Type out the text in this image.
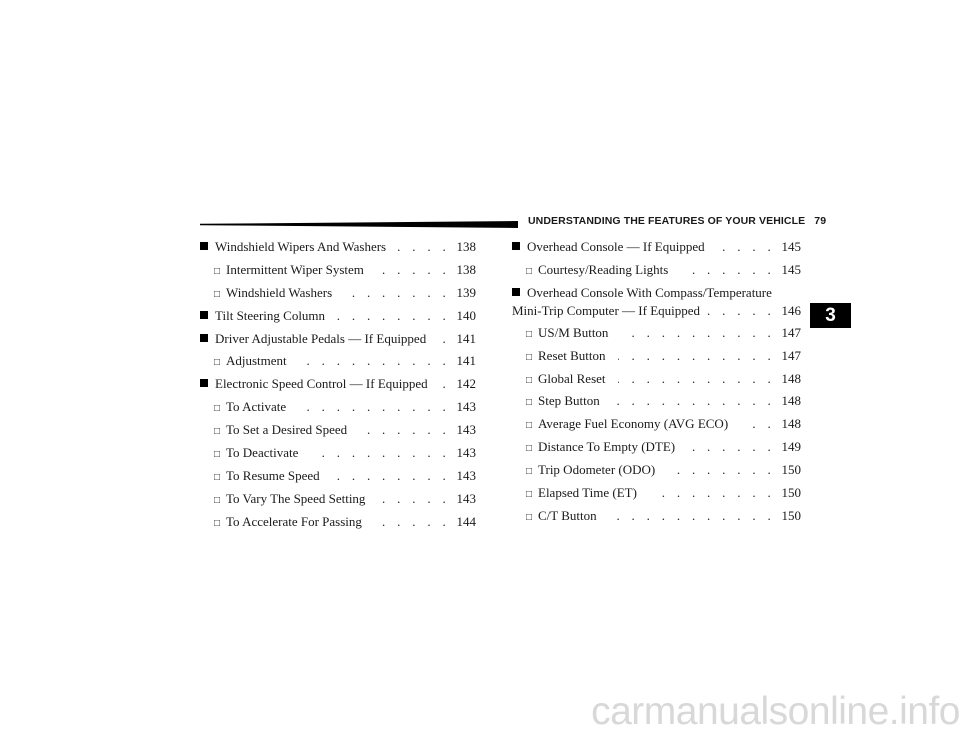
UNDERSTANDING THE FEATURES OF YOUR VEHICLE 79
3
Windshield Wipers And Washers . . .	138
□
Intermittent Wiper System . . .	138
□
Windshield Washers . . .	139
Tilt Steering Column . . .	140
Driver Adjustable Pedals — If Equipped . . . 141
□
Adjustment . . .	141
Electronic Speed Control — If Equipped . . . 142
□
To Activate . . .	143
□
To Set a Desired Speed . . .	143
□
To Deactivate . . .	143
□
To Resume Speed . . .	143
□
To Vary The Speed Setting . . .	143
□
To Accelerate For Passing . . .	144
Overhead Console — If Equipped . . .	145
□
Courtesy/Reading Lights . . .	145
Overhead Console With Compass/Temperature
Mini-Trip Computer — If Equipped . . .	146
□
US/M Button . . .	147
□
Reset Button . . .	147
□
Global Reset . . .	148
□
Step Button . . .	148
□
Average Fuel Economy (AVG ECO) . . .	148
□
Distance To Empty (DTE) . . .	149
□
Trip Odometer (ODO) . . .	150
□
Elapsed Time (ET) . . .	150
□
C/T Button . . .	150
carmanualsonline.info
